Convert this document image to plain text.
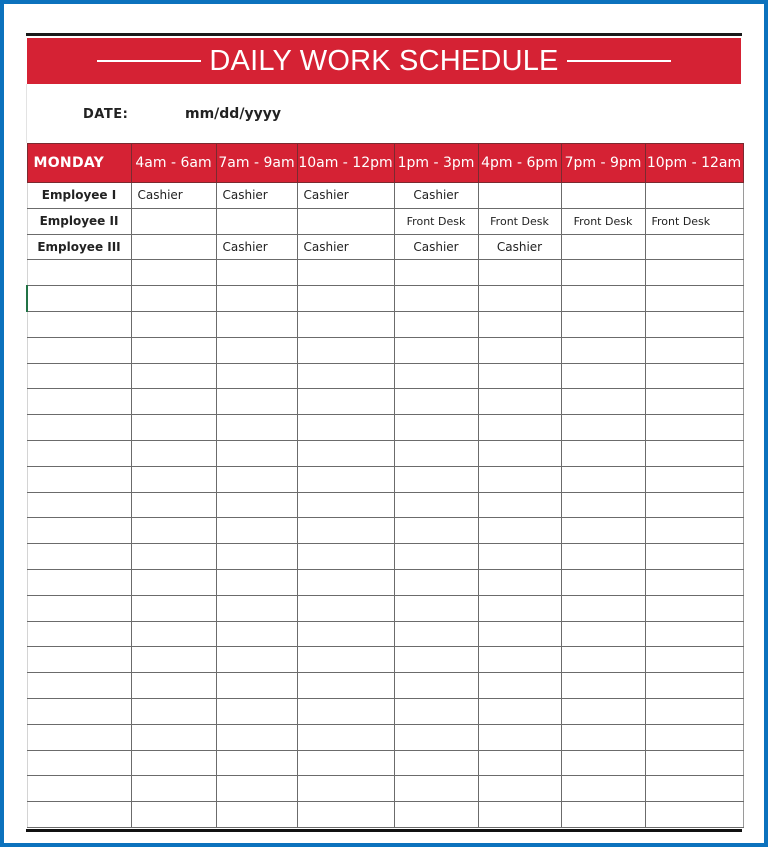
DAILY WORK SCHEDULE
DATE:	mm/dd/yyyy
MONDAY	4am - 6am	7am - 9am	10am - 12pm	1pm - 3pm	4pm - 6pm	7pm - 9pm	10pm - 12am
Employee I	Cashier	Cashier	Cashier	Cashier			
Employee II				Front Desk	Front Desk	Front Desk	Front Desk
Employee III		Cashier	Cashier	Cashier	Cashier		
